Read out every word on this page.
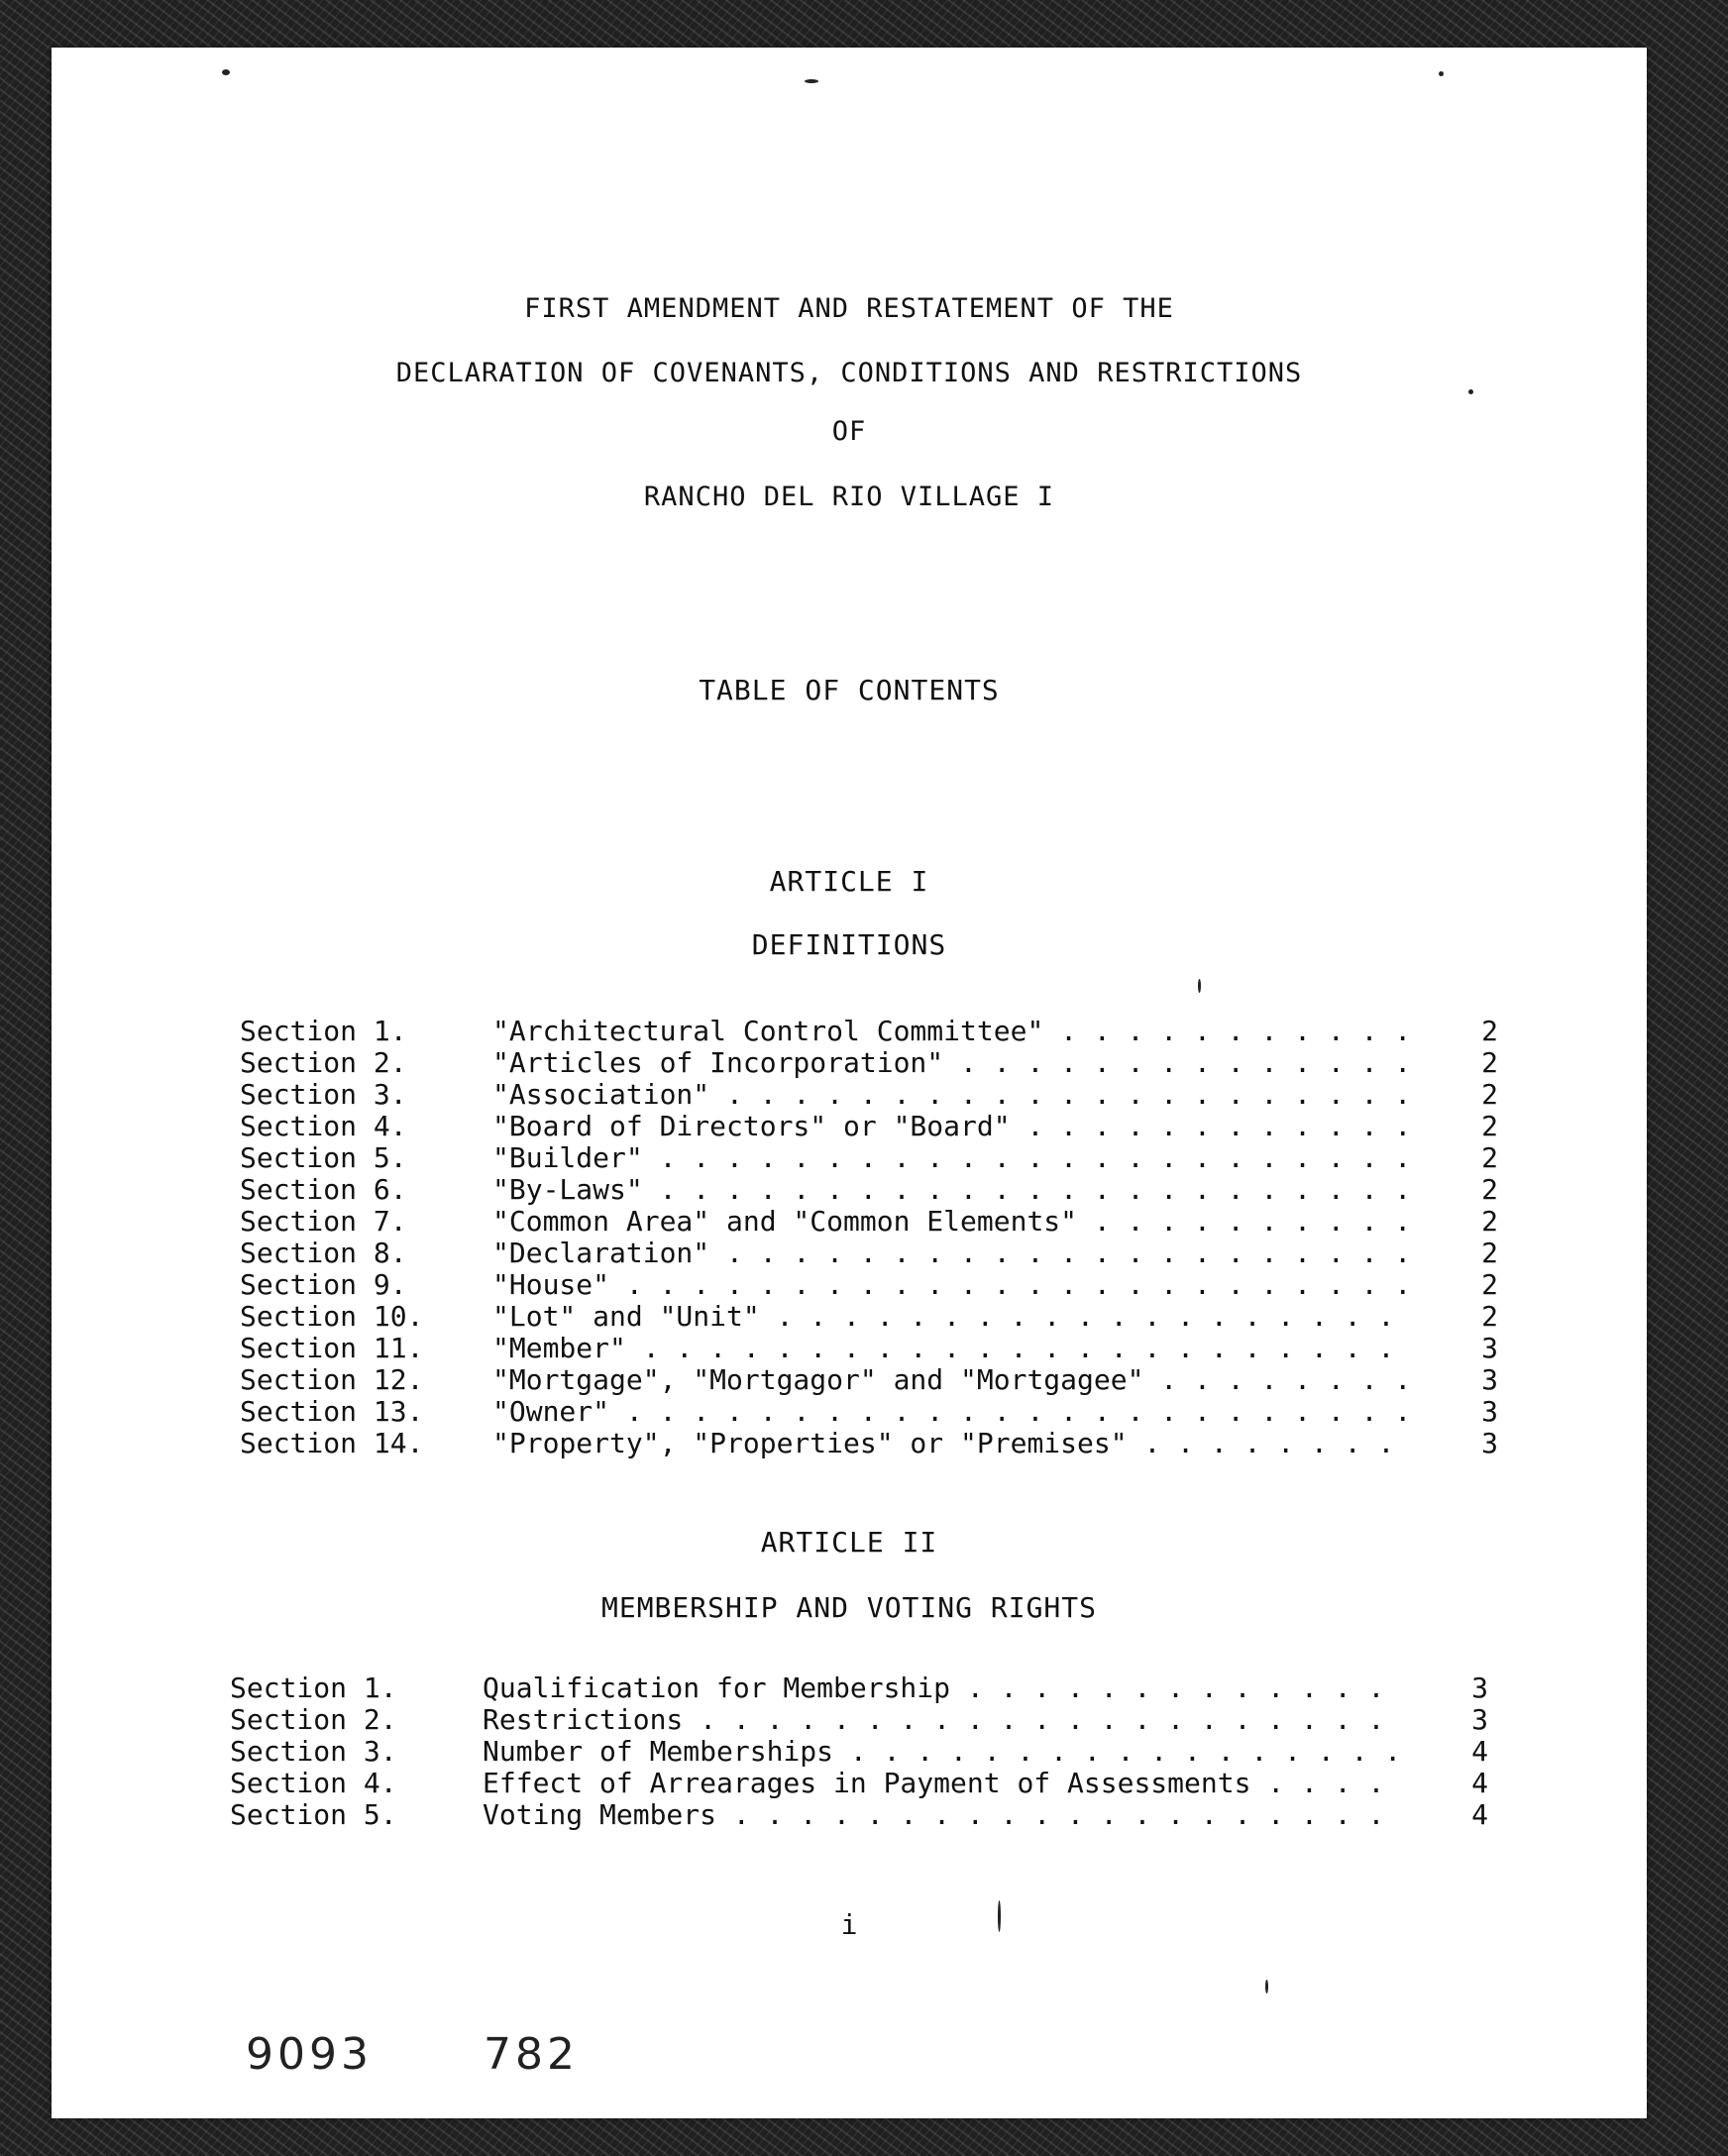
FIRST AMENDMENT AND RESTATEMENT OF THE
DECLARATION OF COVENANTS, CONDITIONS AND RESTRICTIONS
OF
RANCHO DEL RIO VILLAGE I
TABLE OF CONTENTS
ARTICLE I
DEFINITIONS
Section 1.	"Architectural Control Committee" . . .	2
Section 2.	"Articles of Incorporation" . . .	2
Section 3.	"Association" . . .	2
Section 4.	"Board of Directors" or "Board" . . .	2
Section 5.	"Builder" . . .	2
Section 6.	"By-Laws" . . .	2
Section 7.	"Common Area" and "Common Elements" . . .	2
Section 8.	"Declaration" . . .	2
Section 9.	"House" . . .	2
Section 10. "Lot" and "Unit" . . .	2
Section 11. "Member" . . .	3
Section 12. "Mortgage", "Mortgagor" and "Mortgagee" . . .	3
Section 13. "Owner" . . .	3
Section 14. "Property", "Properties" or "Premises" . . .	3
ARTICLE II
MEMBERSHIP AND VOTING RIGHTS
Section 1.	Qualification for Membership . . .	3
Section 2.	Restrictions . . .	3
Section 3.	Number of Memberships . . .	4
Section 4.	Effect of Arrearages in Payment of Assessments . . .	4
Section 5.	Voting Members . . .	4
i
9093	782
